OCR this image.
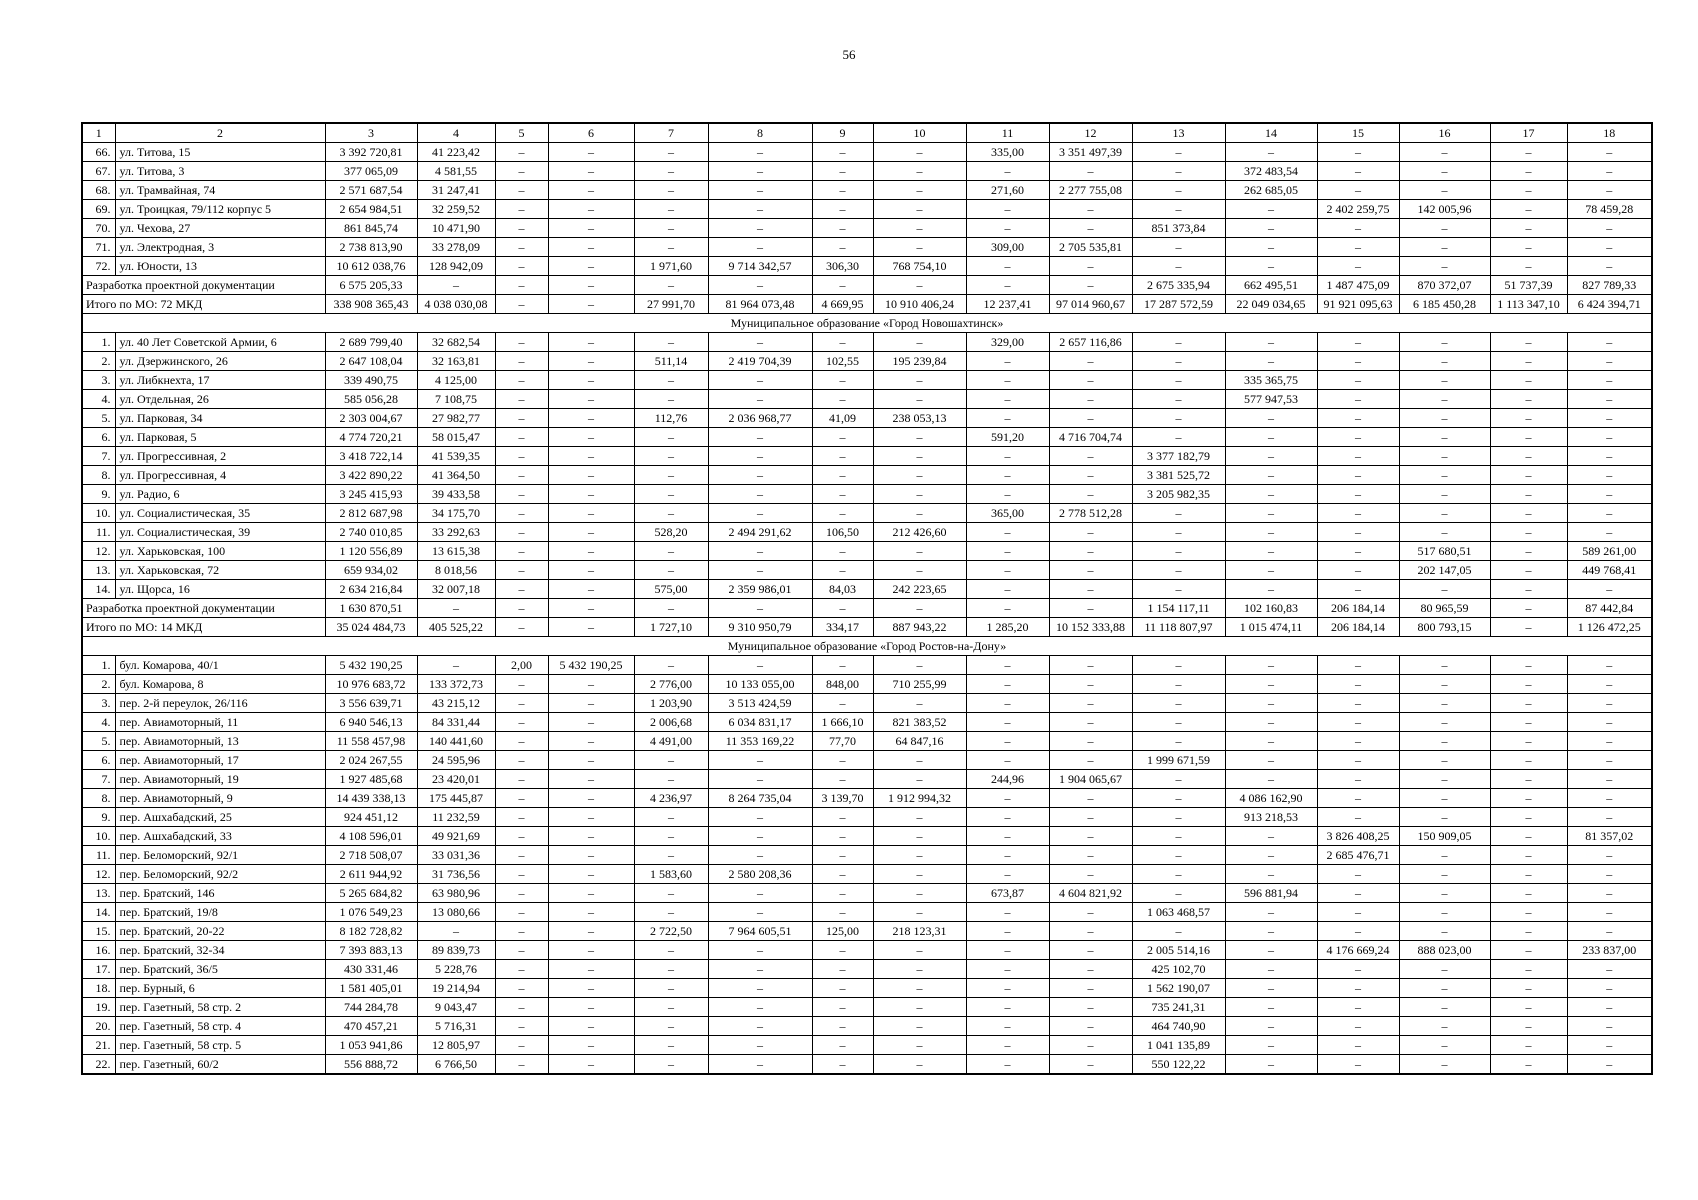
56
1	2	3	4	5	6	7	8	9	10	11	12	13	14	15	16	17	18
66.	ул. Титова, 15	3 392 720,81	41 223,42	–	–	–	–	–	–	335,00	3 351 497,39	–	–	–	–	–	–
67.	ул. Титова, 3	377 065,09	4 581,55	–	–	–	–	–	–	–	–	–	372 483,54	–	–	–	–
68.	ул. Трамвайная, 74	2 571 687,54	31 247,41	–	–	–	–	–	–	271,60	2 277 755,08	–	262 685,05	–	–	–	–
69.	ул. Троицкая, 79/112 корпус 5	2 654 984,51	32 259,52	–	–	–	–	–	–	–	–	–	–	2 402 259,75	142 005,96	–	78 459,28
70.	ул. Чехова, 27	861 845,74	10 471,90	–	–	–	–	–	–	–	–	851 373,84	–	–	–	–	–
71.	ул. Электродная, 3	2 738 813,90	33 278,09	–	–	–	–	–	–	309,00	2 705 535,81	–	–	–	–	–	–
72.	ул. Юности, 13	10 612 038,76	128 942,09	–	–	1 971,60	9 714 342,57	306,30	768 754,10	–	–	–	–	–	–	–	–
Разработка проектной документации		6 575 205,33	–	–	–	–	–	–	–	–	–	2 675 335,94	662 495,51	1 487 475,09	870 372,07	51 737,39	827 789,33
Итого по МО: 72 МКД		338 908 365,43	4 038 030,08	–	–	27 991,70	81 964 073,48	4 669,95	10 910 406,24	12 237,41	97 014 960,67	17 287 572,59	22 049 034,65	91 921 095,63	6 185 450,28	1 113 347,10	6 424 394,71
Муниципальное образование «Город Новошахтинск»																	
1.	ул. 40 Лет Советской Армии, 6	2 689 799,40	32 682,54	–	–	–	–	–	–	329,00	2 657 116,86	–	–	–	–	–	–
2.	ул. Дзержинского, 26	2 647 108,04	32 163,81	–	–	511,14	2 419 704,39	102,55	195 239,84	–	–	–	–	–	–	–	–
3.	ул. Либкнехта, 17	339 490,75	4 125,00	–	–	–	–	–	–	–	–	–	335 365,75	–	–	–	–
4.	ул. Отдельная, 26	585 056,28	7 108,75	–	–	–	–	–	–	–	–	–	577 947,53	–	–	–	–
5.	ул. Парковая, 34	2 303 004,67	27 982,77	–	–	112,76	2 036 968,77	41,09	238 053,13	–	–	–	–	–	–	–	–
6.	ул. Парковая, 5	4 774 720,21	58 015,47	–	–	–	–	–	–	591,20	4 716 704,74	–	–	–	–	–	–
7.	ул. Прогрессивная, 2	3 418 722,14	41 539,35	–	–	–	–	–	–	–	–	3 377 182,79	–	–	–	–	–
8.	ул. Прогрессивная, 4	3 422 890,22	41 364,50	–	–	–	–	–	–	–	–	3 381 525,72	–	–	–	–	–
9.	ул. Радио, 6	3 245 415,93	39 433,58	–	–	–	–	–	–	–	–	3 205 982,35	–	–	–	–	–
10.	ул. Социалистическая, 35	2 812 687,98	34 175,70	–	–	–	–	–	–	365,00	2 778 512,28	–	–	–	–	–	–
11.	ул. Социалистическая, 39	2 740 010,85	33 292,63	–	–	528,20	2 494 291,62	106,50	212 426,60	–	–	–	–	–	–	–	–
12.	ул. Харьковская, 100	1 120 556,89	13 615,38	–	–	–	–	–	–	–	–	–	–	–	517 680,51	–	589 261,00
13.	ул. Харьковская, 72	659 934,02	8 018,56	–	–	–	–	–	–	–	–	–	–	–	202 147,05	–	449 768,41
14.	ул. Щорса, 16	2 634 216,84	32 007,18	–	–	575,00	2 359 986,01	84,03	242 223,65	–	–	–	–	–	–	–	–
Разработка проектной документации		1 630 870,51	–	–	–	–	–	–	–	–	–	1 154 117,11	102 160,83	206 184,14	80 965,59	–	87 442,84
Итого по МО: 14 МКД		35 024 484,73	405 525,22	–	–	1 727,10	9 310 950,79	334,17	887 943,22	1 285,20	10 152 333,88	11 118 807,97	1 015 474,11	206 184,14	800 793,15	–	1 126 472,25
Муниципальное образование «Город Ростов-на-Дону»																	
1.	бул. Комарова, 40/1	5 432 190,25	–	2,00	5 432 190,25	–	–	–	–	–	–	–	–	–	–	–	–
2.	бул. Комарова, 8	10 976 683,72	133 372,73	–	–	2 776,00	10 133 055,00	848,00	710 255,99	–	–	–	–	–	–	–	–
3.	пер. 2-й переулок, 26/116	3 556 639,71	43 215,12	–	–	1 203,90	3 513 424,59	–	–	–	–	–	–	–	–	–	–
4.	пер. Авиамоторный, 11	6 940 546,13	84 331,44	–	–	2 006,68	6 034 831,17	1 666,10	821 383,52	–	–	–	–	–	–	–	–
5.	пер. Авиамоторный, 13	11 558 457,98	140 441,60	–	–	4 491,00	11 353 169,22	77,70	64 847,16	–	–	–	–	–	–	–	–
6.	пер. Авиамоторный, 17	2 024 267,55	24 595,96	–	–	–	–	–	–	–	–	1 999 671,59	–	–	–	–	–
7.	пер. Авиамоторный, 19	1 927 485,68	23 420,01	–	–	–	–	–	–	244,96	1 904 065,67	–	–	–	–	–	–
8.	пер. Авиамоторный, 9	14 439 338,13	175 445,87	–	–	4 236,97	8 264 735,04	3 139,70	1 912 994,32	–	–	–	4 086 162,90	–	–	–	–
9.	пер. Ашхабадский, 25	924 451,12	11 232,59	–	–	–	–	–	–	–	–	–	913 218,53	–	–	–	–
10.	пер. Ашхабадский, 33	4 108 596,01	49 921,69	–	–	–	–	–	–	–	–	–	–	3 826 408,25	150 909,05	–	81 357,02
11.	пер. Беломорский, 92/1	2 718 508,07	33 031,36	–	–	–	–	–	–	–	–	–	–	2 685 476,71	–	–	–
12.	пер. Беломорский, 92/2	2 611 944,92	31 736,56	–	–	1 583,60	2 580 208,36	–	–	–	–	–	–	–	–	–	–
13.	пер. Братский, 146	5 265 684,82	63 980,96	–	–	–	–	–	–	673,87	4 604 821,92	–	596 881,94	–	–	–	–
14.	пер. Братский, 19/8	1 076 549,23	13 080,66	–	–	–	–	–	–	–	–	1 063 468,57	–	–	–	–	–
15.	пер. Братский, 20-22	8 182 728,82	–	–	–	2 722,50	7 964 605,51	125,00	218 123,31	–	–	–	–	–	–	–	–
16.	пер. Братский, 32-34	7 393 883,13	89 839,73	–	–	–	–	–	–	–	–	2 005 514,16	–	4 176 669,24	888 023,00	–	233 837,00
17.	пер. Братский, 36/5	430 331,46	5 228,76	–	–	–	–	–	–	–	–	425 102,70	–	–	–	–	–
18.	пер. Бурный, 6	1 581 405,01	19 214,94	–	–	–	–	–	–	–	–	1 562 190,07	–	–	–	–	–
19.	пер. Газетный, 58 стр. 2	744 284,78	9 043,47	–	–	–	–	–	–	–	–	735 241,31	–	–	–	–	–
20.	пер. Газетный, 58 стр. 4	470 457,21	5 716,31	–	–	–	–	–	–	–	–	464 740,90	–	–	–	–	–
21.	пер. Газетный, 58 стр. 5	1 053 941,86	12 805,97	–	–	–	–	–	–	–	–	1 041 135,89	–	–	–	–	–
22.	пер. Газетный, 60/2	556 888,72	6 766,50	–	–	–	–	–	–	–	–	550 122,22	–	–	–	–	–
